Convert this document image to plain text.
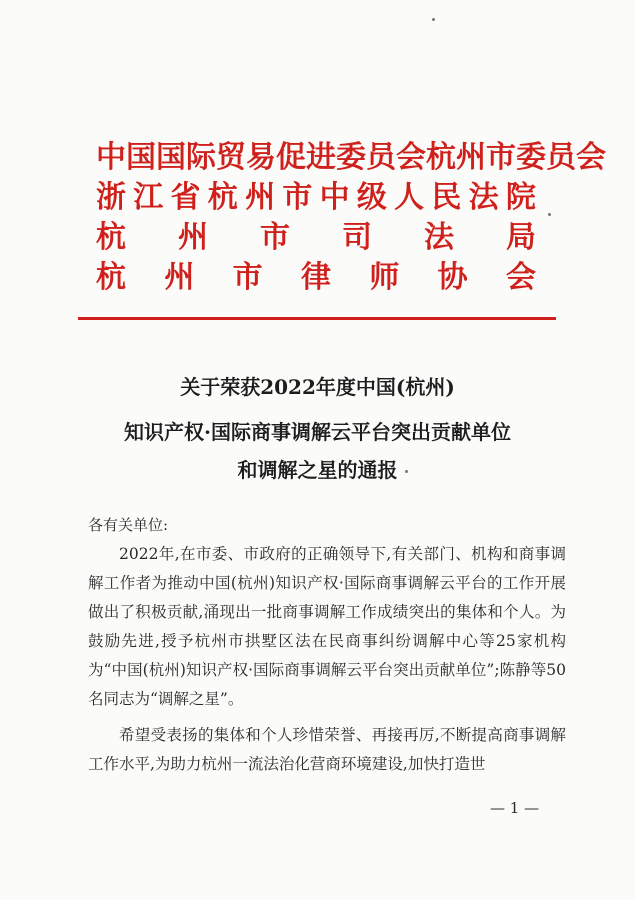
中国国际贸易促进委员会杭州市委员会
浙 江 省 杭 州 市 中 级 人 民 法 院
杭 州 市 司 法 局
杭 州 市 律 师 协 会
关于荣获2022年度中国(杭州)
知识产权·国际商事调解云平台突出贡献单位
和调解之星的通报
各有关单位:

2022年,在市委、市政府的正确领导下,有关部门、机构和商事调解工作者为推动中国(杭州)知识产权·国际商事调解云平台的工作开展做出了积极贡献,涌现出一批商事调解工作成绩突出的集体和个人。为鼓励先进,授予杭州市拱墅区法在民商事纠纷调解中心等25家机构为“中国(杭州)知识产权·国际商事调解云平台突出贡献单位”;陈静等50名同志为“调解之星”。

希望受表扬的集体和个人珍惜荣誉、再接再厉,不断提高商事调解工作水平,为助力杭州一流法治化营商环境建设,加快打造世

— 1 —
